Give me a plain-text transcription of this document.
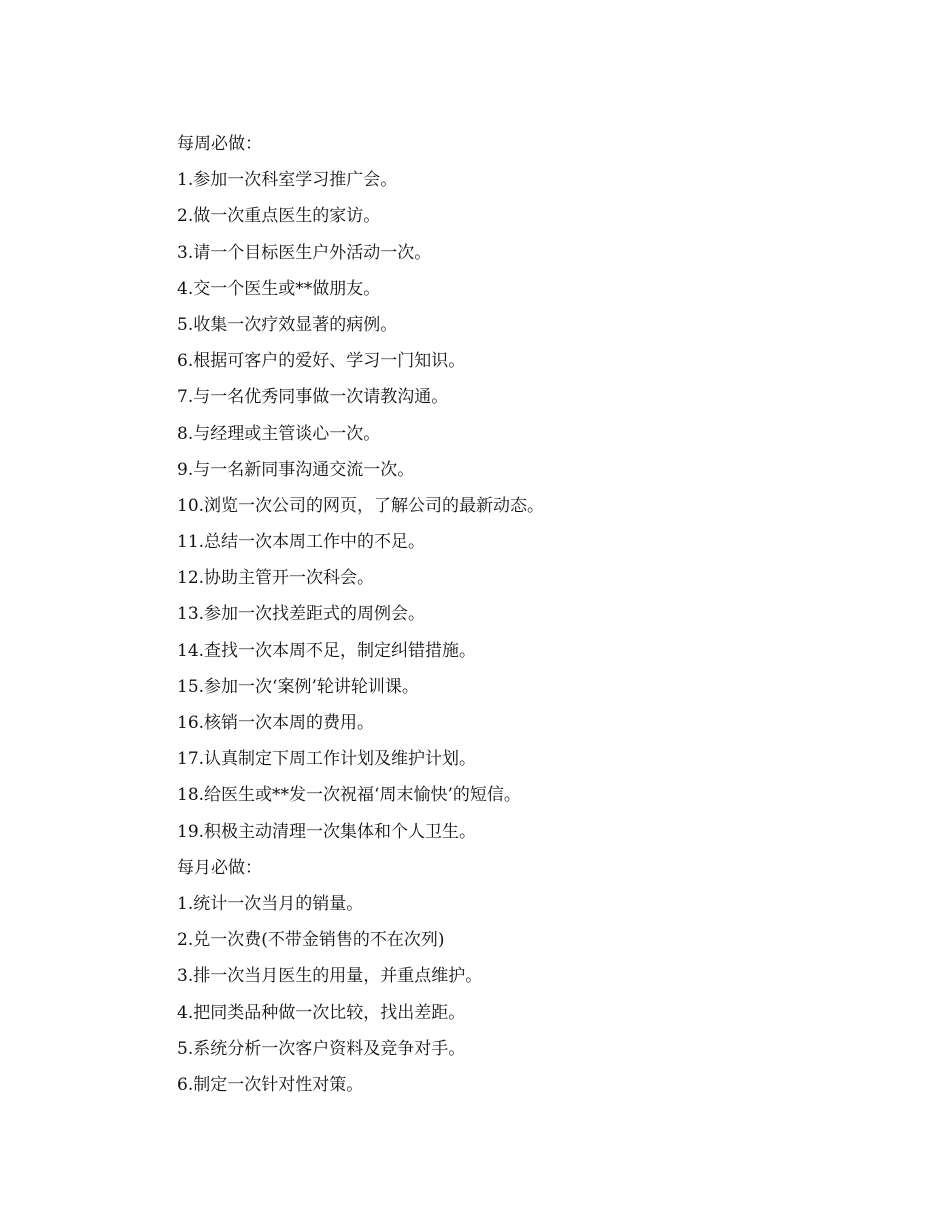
每周必做：
1.参加一次科室学习推广会。
2.做一次重点医生的家访。
3.请一个目标医生户外活动一次。
4.交一个医生或**做朋友。
5.收集一次疗效显著的病例。
6.根据可客户的爱好、学习一门知识。
7.与一名优秀同事做一次请教沟通。
8.与经理或主管谈心一次。
9.与一名新同事沟通交流一次。
10.浏览一次公司的网页，了解公司的最新动态。
11.总结一次本周工作中的不足。
12.协助主管开一次科会。
13.参加一次找差距式的周例会。
14.查找一次本周不足，制定纠错措施。
15.参加一次‘案例’轮讲轮训课。
16.核销一次本周的费用。
17.认真制定下周工作计划及维护计划。
18.给医生或**发一次祝福‘周末愉快’的短信。
19.积极主动清理一次集体和个人卫生。
每月必做：
1.统计一次当月的销量。
2.兑一次费(不带金销售的不在次列)
3.排一次当月医生的用量，并重点维护。
4.把同类品种做一次比较，找出差距。
5.系统分析一次客户资料及竞争对手。
6.制定一次针对性对策。
